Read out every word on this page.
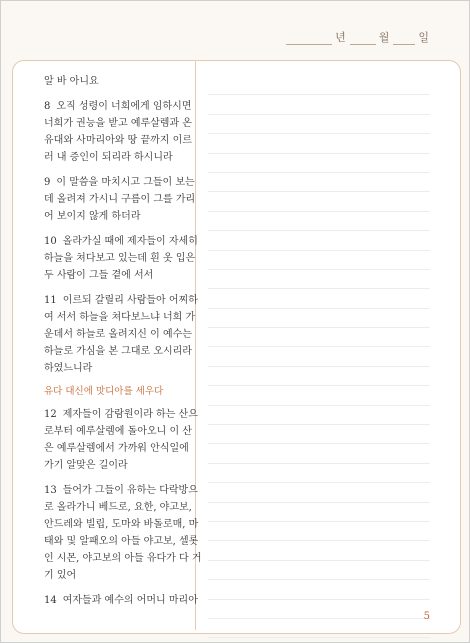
년	월	일
알 바 아니요
8 오직 성령이 너희에게 임하시면
너희가 권능을 받고 예루살렘과 온
유대와 사마리아와 땅 끝까지 이르
러 내 증인이 되리라 하시니라
9 이 말씀을 마치시고 그들이 보는
데 올려져 가시니 구름이 그를 가리
어 보이지 않게 하더라
10 올라가실 때에 제자들이 자세히
하늘을 쳐다보고 있는데 흰 옷 입은
두 사람이 그들 곁에 서서
11 이르되 갈릴리 사람들아 어찌하
여 서서 하늘을 쳐다보느냐 너희 가
운데서 하늘로 올려지신 이 예수는
하늘로 가심을 본 그대로 오시리라
하였느니라
유다 대신에 맛디아를 세우다
12 제자들이 감람원이라 하는 산으
로부터 예루살렘에 돌아오니 이 산
은 예루살렘에서 가까워 안식일에
가기 알맞은 길이라
13 들어가 그들이 유하는 다락방으
로 올라가니 베드로, 요한, 야고보,
안드레와 빌립, 도마와 바돌로매, 마
태와 및 알패오의 아들 야고보, 셀롯
인 시몬, 야고보의 아들 유다가 다 거
기 있어
14 여자들과 예수의 어머니 마리아
5
